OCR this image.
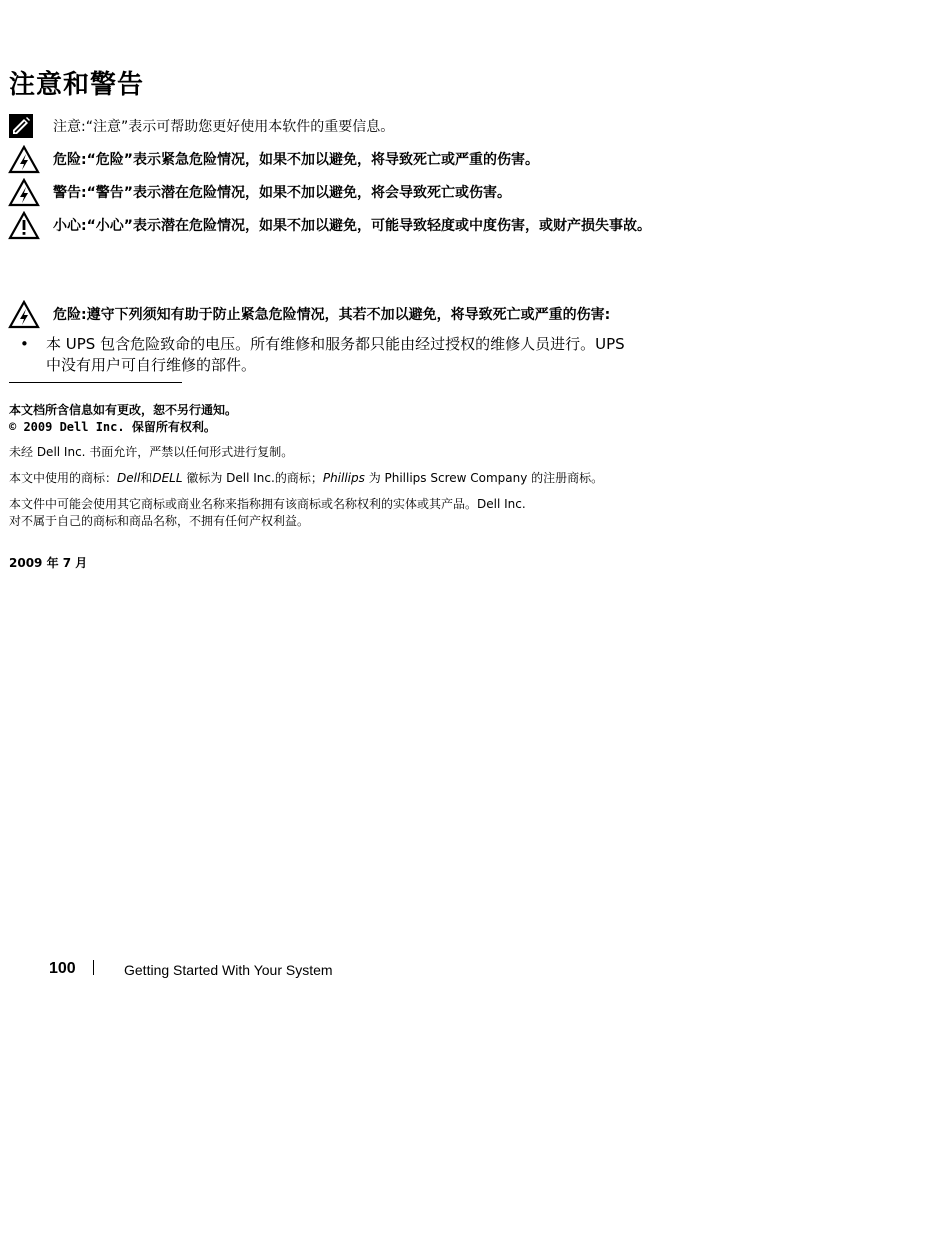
注意和警告
注意:“注意”表示可帮助您更好使用本软件的重要信息。
危险:“危险”表示紧急危险情况，如果不加以避免，将导致死亡或严重的伤害。
警告:“警告”表示潜在危险情况，如果不加以避免，将会导致死亡或伤害。
小心:“小心”表示潜在危险情况，如果不加以避免，可能导致轻度或中度伤害，或财产损失事故。
危险:遵守下列须知有助于防止紧急危险情况，其若不加以避免，将导致死亡或严重的伤害:
• 本 UPS 包含危险致命的电压。所有维修和服务都只能由经过授权的维修人员进行。UPS
中没有用户可自行维修的部件。
本文档所含信息如有更改，恕不另行通知。
© 2009 Dell Inc. 保留所有权利。
未经 Dell Inc. 书面允许，严禁以任何形式进行复制。
本文中使用的商标：Dell和DELL 徽标为 Dell Inc.的商标；Phillips 为 Phillips Screw Company 的注册商标。
本文件中可能会使用其它商标或商业名称来指称拥有该商标或名称权利的实体或其产品。Dell Inc.
对不属于自己的商标和商品名称，不拥有任何产权利益。
2009 年 7 月
100	Getting Started With Your System
